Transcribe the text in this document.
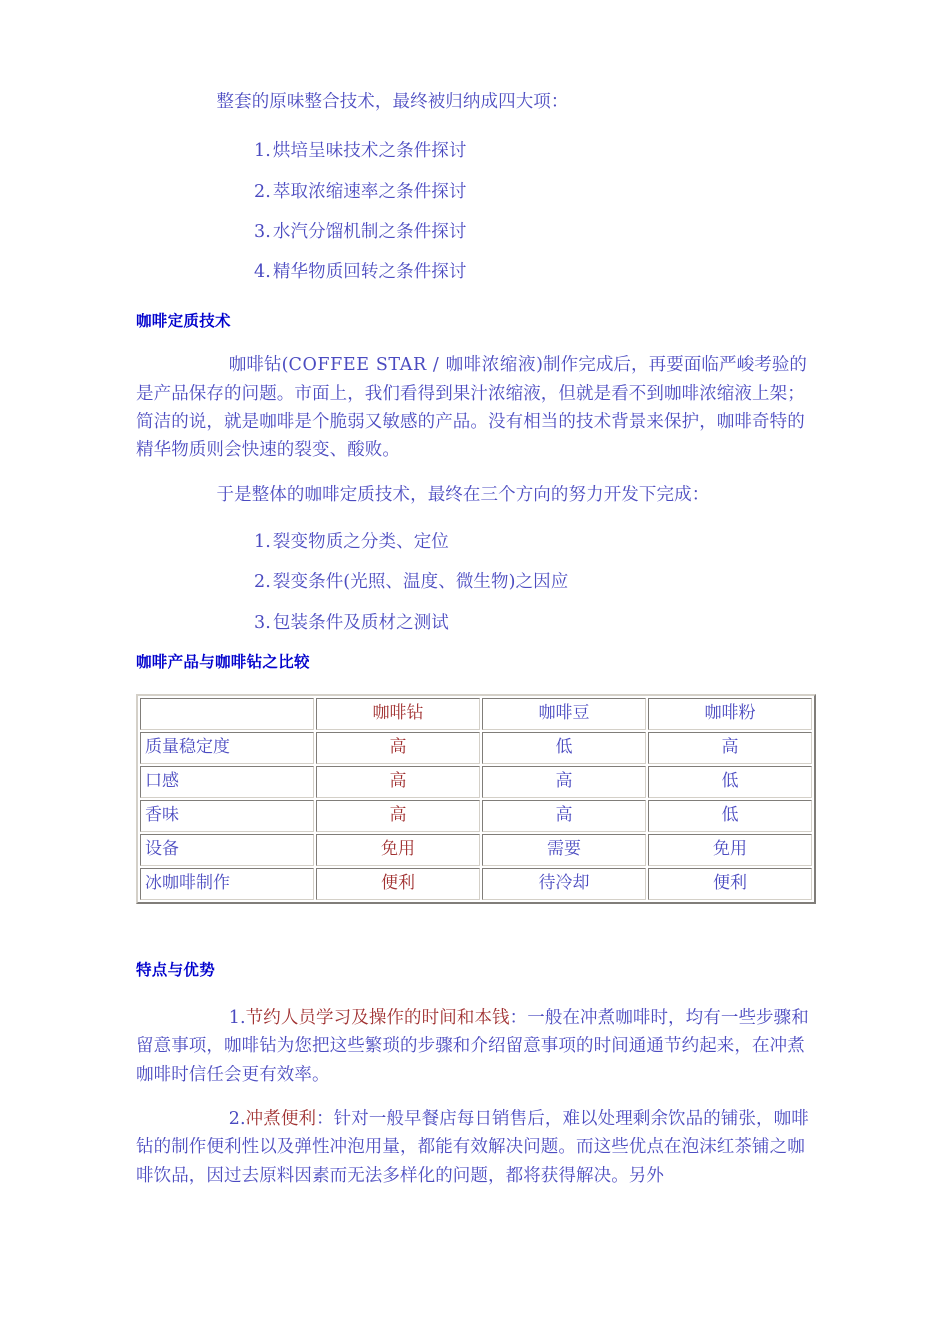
整套的原味整合技术，最终被归纳成四大项：

1. 烘培呈味技术之条件探讨

2. 萃取浓缩速率之条件探讨

3. 水汽分馏机制之条件探讨

4. 精华物质回转之条件探讨

咖啡定质技术

咖啡钻(COFFEE STAR / 咖啡浓缩液)制作完成后，再要面临严峻考验的是产品保存的问题。市面上，我们看得到果汁浓缩液，但就是看不到咖啡浓缩液上架；简洁的说，就是咖啡是个脆弱又敏感的产品。没有相当的技术背景来保护，咖啡奇特的精华物质则会快速的裂变、酸败。

于是整体的咖啡定质技术，最终在三个方向的努力开发下完成：

1. 裂变物质之分类、定位

2. 裂变条件(光照、温度、微生物)之因应

3. 包装条件及质材之测试

咖啡产品与咖啡钻之比较
	咖啡钻	咖啡豆	咖啡粉
质量稳定度	高	低	高
口感	高	高	低
香味	高	高	低
设备	免用	需要	免用
冰咖啡制作	便利	待冷却	便利
特点与优势

1.节约人员学习及操作的时间和本钱：一般在冲煮咖啡时，均有一些步骤和留意事项，咖啡钻为您把这些繁琐的步骤和介绍留意事项的时间通通节约起来，在冲煮咖啡时信任会更有效率。

2.冲煮便利：针对一般早餐店每日销售后，难以处理剩余饮品的铺张，咖啡钻的制作便利性以及弹性冲泡用量，都能有效解决问题。而这些优点在泡沫红茶铺之咖啡饮品，因过去原料因素而无法多样化的问题，都将获得解决。另外
